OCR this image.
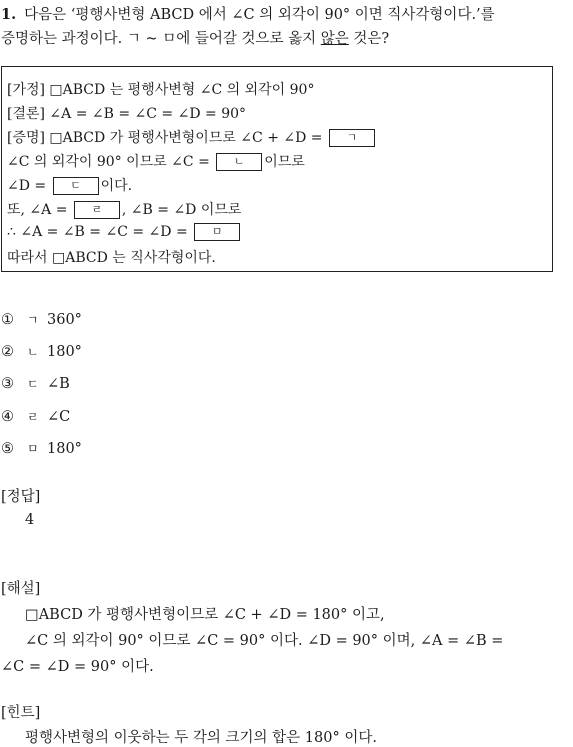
1. 다음은 ‘평행사변형 ABCD 에서 ∠C 의 외각이 90° 이면 직사각형이다.’를
증명하는 과정이다. ㄱ ~ ㅁ에 들어갈 것으로 옳지 않은 것은?
[가정] □ABCD 는 평행사변형 ∠C 의 외각이 90°
[결론] ∠A = ∠B = ∠C = ∠D = 90°
[증명] □ABCD 가 평행사변형이므로 ∠C + ∠D = ㄱ
∠C 의 외각이 90° 이므로 ∠C = ㄴ 이므로
∠D = ㄷ 이다.
또, ∠A = ㄹ , ∠B = ∠D 이므로
∴ ∠A = ∠B = ∠C = ∠D = ㅁ
따라서 □ABCD 는 직사각형이다.
① ㄱ 360°
② ㄴ 180°
③ ㄷ ∠B
④ ㄹ ∠C
⑤ ㅁ 180°
[정답]
4
[해설]
□ABCD 가 평행사변형이므로 ∠C + ∠D = 180° 이고,
∠C 의 외각이 90° 이므로 ∠C = 90° 이다. ∠D = 90° 이며, ∠A = ∠B =
∠C = ∠D = 90° 이다.
[힌트]
평행사변형의 이웃하는 두 각의 크기의 합은 180° 이다.
